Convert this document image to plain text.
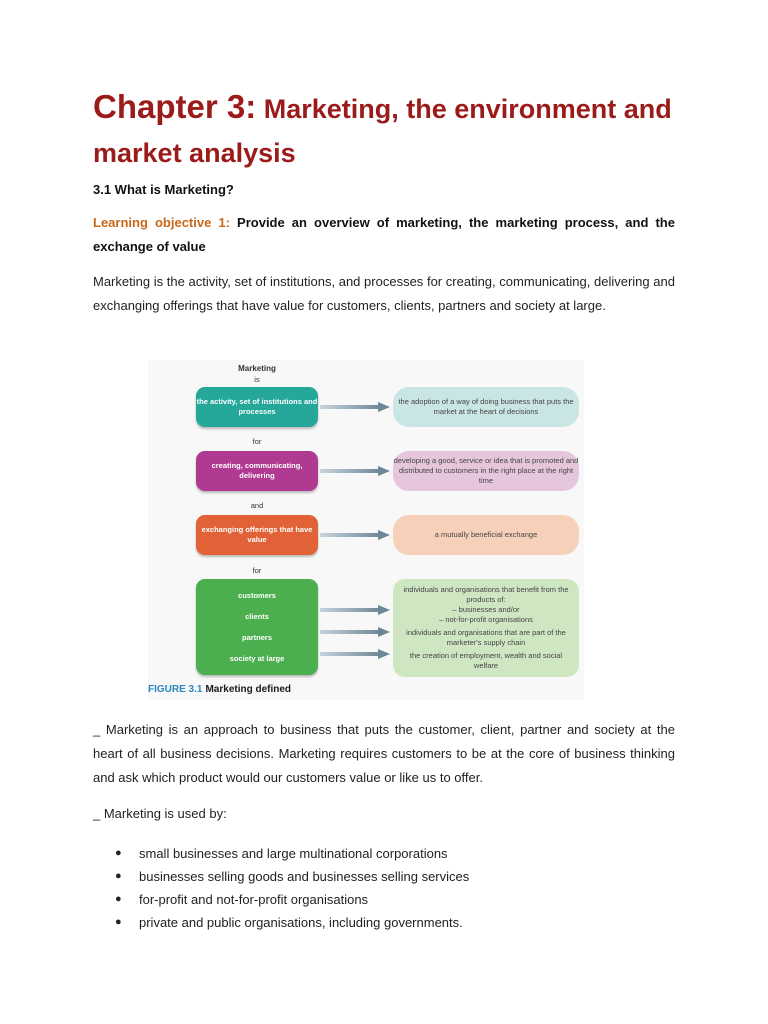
Chapter 3: Marketing, the environment and market analysis
3.1 What is Marketing?
Learning objective 1: Provide an overview of marketing, the marketing process, and the exchange of value

Marketing is the activity, set of institutions, and processes for creating, communicating, delivering and exchanging offerings that have value for customers, clients, partners and society at large.

_ Marketing is an approach to business that puts the customer, client, partner and society at the heart of all business decisions. Marketing requires customers to be at the core of business thinking and ask which product would our customers value or like us to offer.

_ Marketing is used by:

● small businesses and large multinational corporations
● businesses selling goods and businesses selling services
● for-profit and not-for-profit organisations
● private and public organisations, including governments.
Marketing
is
the activity, set of institutions and processes
the adoption of a way of doing business that puts the market at the heart of decisions
for
creating, communicating, delivering
developing a good, service or idea that is promoted and distributed to customers in the right place at the right time
and
exchanging offerings that have value
a mutually beneficial exchange
for
customers
clients
partners
society at large
individuals and organisations that benefit from the products of:
– businesses and/or
– not-for-profit organisations
individuals and organisations that are part of the marketer's supply chain
the creation of employment, wealth and social welfare
FIGURE 3.1 Marketing defined
